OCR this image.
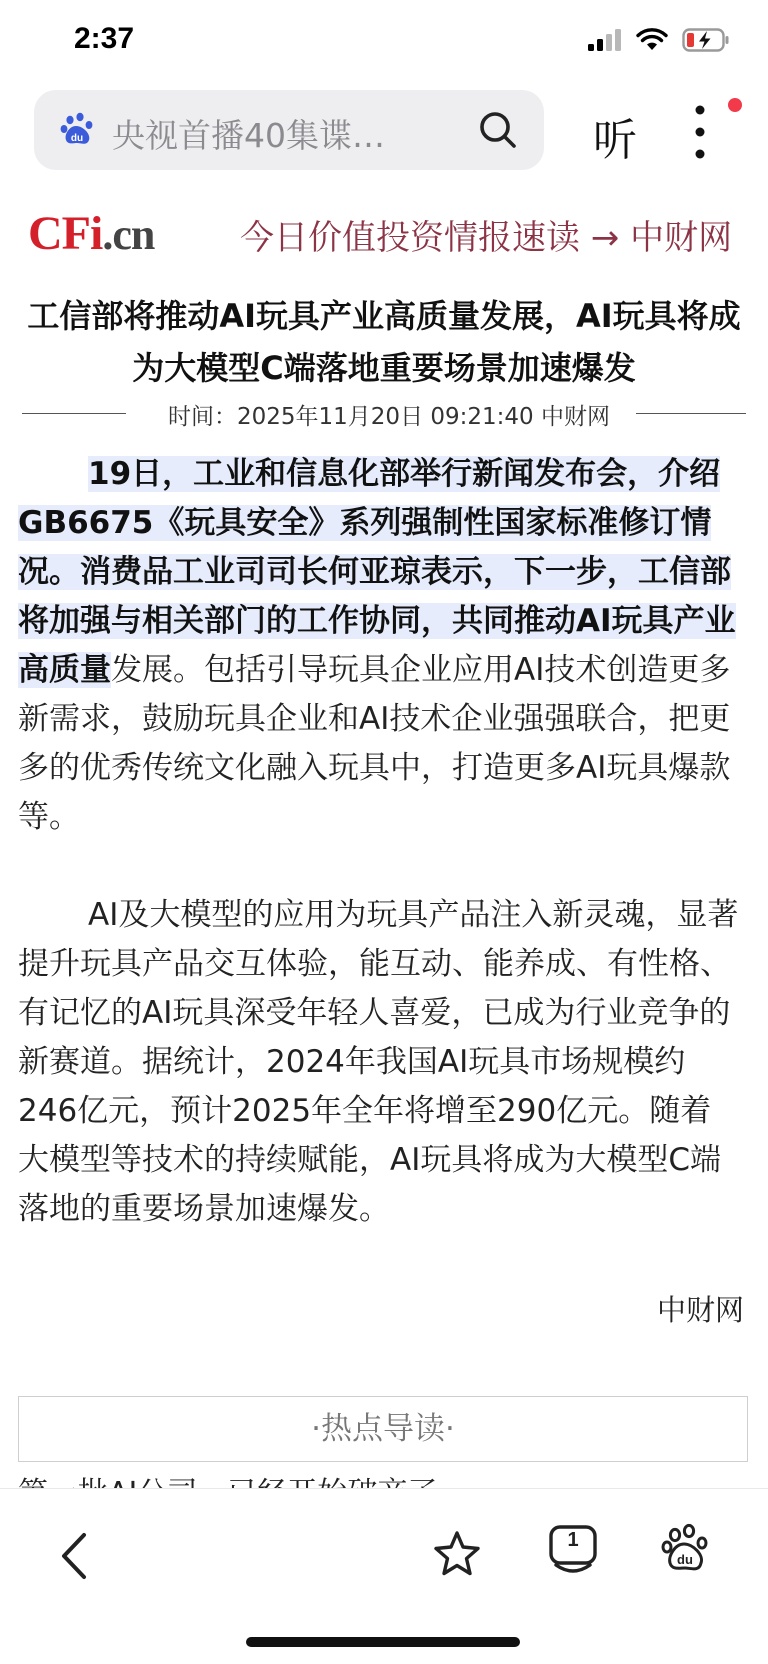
2:37
du 央视首播40集谍…	听
CFi.cn	今日价值投资情报速读 → 中财网
工信部将推动AI玩具产业高质量发展，AI玩具将成为大模型C端落地重要场景加速爆发
时间：2025年11月20日 09:21:40 中财网

19日，工业和信息化部举行新闻发布会，介绍GB6675《玩具安全》系列强制性国家标准修订情况。消费品工业司司长何亚琼表示，下一步，工信部将加强与相关部门的工作协同，共同推动AI玩具产业高质量发展。包括引导玩具企业应用AI技术创造更多新需求，鼓励玩具企业和AI技术企业强强联合，把更多的优秀传统文化融入玩具中，打造更多AI玩具爆款等。

AI及大模型的应用为玩具产品注入新灵魂，显著提升玩具产品交互体验，能互动、能养成、有性格、有记忆的AI玩具深受年轻人喜爱，已成为行业竞争的新赛道。据统计，2024年我国AI玩具市场规模约246亿元，预计2025年全年将增至290亿元。随着大模型等技术的持续赋能，AI玩具将成为大模型C端落地的重要场景加速爆发。

中财网
·热点导读·
1
du
